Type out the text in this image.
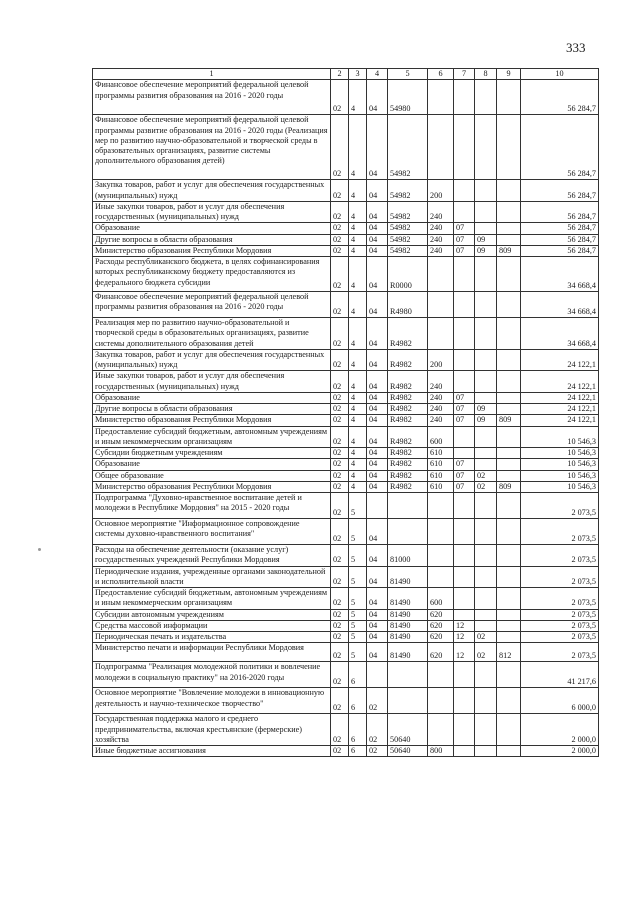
333
1	2	3	4	5	6	7	8	9	10
Финансовое обеспечение мероприятий федеральной целевой программы развития образования на 2016 - 2020 годы	02	4	04	54980					56 284,7
Финансовое обеспечение мероприятий федеральной целевой программы развитие образования на 2016 - 2020 годы (Реализация мер по развитию научно-образовательной и творческой среды в образовательных организациях, развитие системы дополнительного образования детей)	02	4	04	54982					56 284,7
Закупка товаров, работ и услуг для обеспечения государственных (муниципальных) нужд	02	4	04	54982	200				56 284,7
Иные закупки товаров, работ и услуг для обеспечения государственных (муниципальных) нужд	02	4	04	54982	240				56 284,7
Образование	02	4	04	54982	240	07			56 284,7
Другие вопросы в области образования	02	4	04	54982	240	07	09		56 284,7
Министерство образования Республики Мордовия	02	4	04	54982	240	07	09	809	56 284,7
Расходы республиканского бюджета, в целях софинансирования которых республиканскому бюджету предоставляются из федерального бюджета субсидии	02	4	04	R0000					34 668,4
Финансовое обеспечение мероприятий федеральной целевой программы развития образования на 2016 - 2020 годы	02	4	04	R4980					34 668,4
Реализация мер по развитию научно-образовательной и творческой среды в образовательных организациях, развитие системы дополнительного образования детей	02	4	04	R4982					34 668,4
Закупка товаров, работ и услуг для обеспечения государственных (муниципальных) нужд	02	4	04	R4982	200				24 122,1
Иные закупки товаров, работ и услуг для обеспечения государственных (муниципальных) нужд	02	4	04	R4982	240				24 122,1
Образование	02	4	04	R4982	240	07			24 122,1
Другие вопросы в области образования	02	4	04	R4982	240	07	09		24 122,1
Министерство образования Республики Мордовия	02	4	04	R4982	240	07	09	809	24 122,1
Предоставление субсидий бюджетным, автономным учреждениям и иным некоммерческим организациям	02	4	04	R4982	600				10 546,3
Субсидии бюджетным учреждениям	02	4	04	R4982	610				10 546,3
Образование	02	4	04	R4982	610	07			10 546,3
Общее образование	02	4	04	R4982	610	07	02		10 546,3
Министерство образования Республики Мордовия	02	4	04	R4982	610	07	02	809	10 546,3
Подпрограмма "Духовно-нравственное воспитание детей и молодежи в Республике Мордовия" на 2015 - 2020 годы	02	5							2 073,5
Основное мероприятие "Информационное сопровождение системы духовно-нравственного воспитания"	02	5	04						2 073,5
Расходы на обеспечение деятельности (оказание услуг) государственных учреждений Республики Мордовия	02	5	04	81000					2 073,5
Периодические издания, учрежденные органами законодательной и исполнительной власти	02	5	04	81490					2 073,5
Предоставление субсидий бюджетным, автономным учреждениям и иным некоммерческим организациям	02	5	04	81490	600				2 073,5
Субсидии автономным учреждениям	02	5	04	81490	620				2 073,5
Средства массовой информации	02	5	04	81490	620	12			2 073,5
Периодическая печать и издательства	02	5	04	81490	620	12	02		2 073,5
Министерство печати и информации Республики Мордовия	02	5	04	81490	620	12	02	812	2 073,5
Подпрограмма "Реализация молодежной политики и вовлечение молодежи в социальную практику" на 2016-2020 годы	02	6							41 217,6
Основное мероприятие "Вовлечение молодежи в инновационную деятельность и научно-техническое творчество"	02	6	02						6 000,0
Государственная поддержка малого и среднего предпринимательства, включая крестьянские (фермерские) хозяйства	02	6	02	50640					2 000,0
Иные бюджетные ассигнования	02	6	02	50640	800				2 000,0
